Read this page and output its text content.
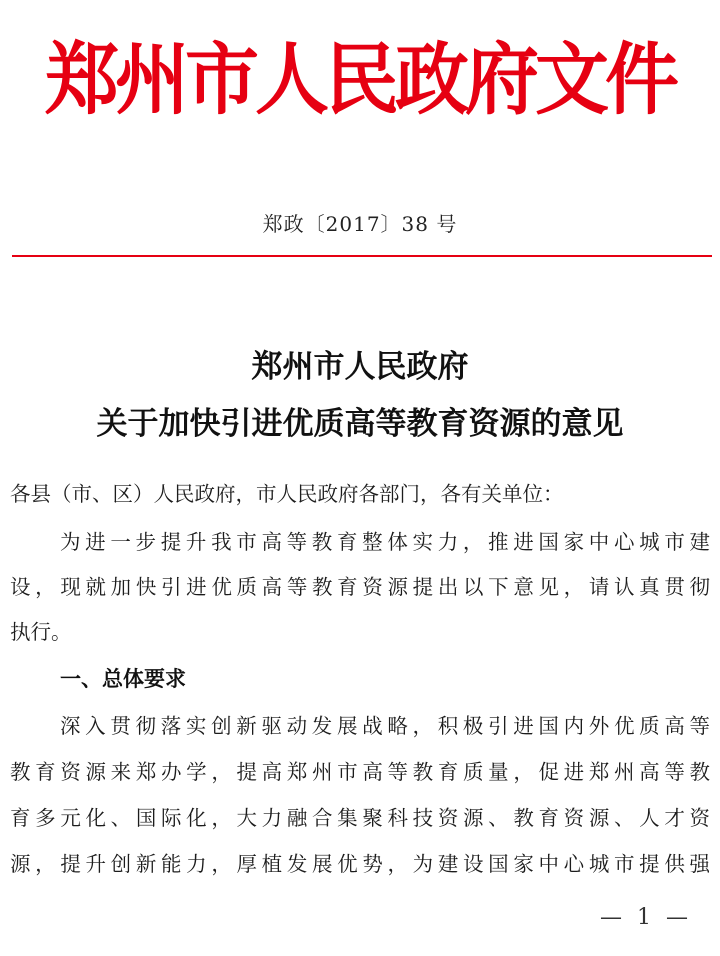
郑州市人民政府文件
郑政〔2017〕38 号
郑州市人民政府
关于加快引进优质高等教育资源的意见
各县（市、区）人民政府，市人民政府各部门，各有关单位：
为进一步提升我市高等教育整体实力，推进国家中心城市建
设，现就加快引进优质高等教育资源提出以下意见，请认真贯彻
执行。
一、总体要求
深入贯彻落实创新驱动发展战略，积极引进国内外优质高等
教育资源来郑办学，提高郑州市高等教育质量，促进郑州高等教
育多元化、国际化，大力融合集聚科技资源、教育资源、人才资
源，提升创新能力，厚植发展优势，为建设国家中心城市提供强
— 1 —
